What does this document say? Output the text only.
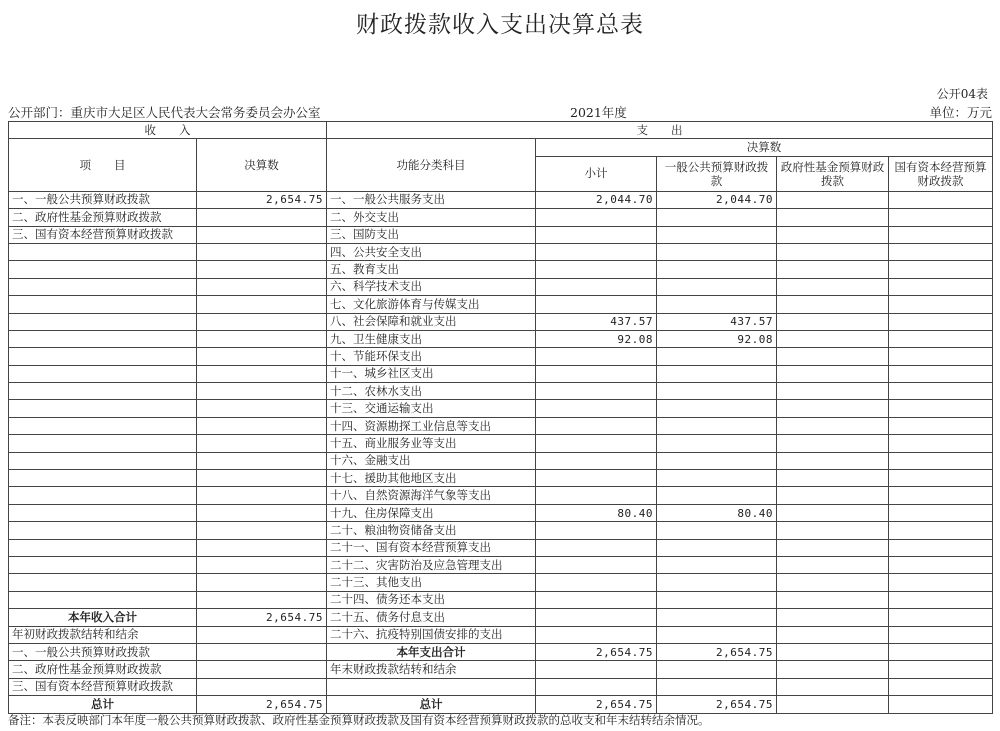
财政拨款收入支出决算总表
公开04表
公开部门：重庆市大足区人民代表大会常务委员会办公室	2021年度	单位：万元
收　　入		支　　出				
项　　目	决算数	功能分类科目	决算数			
			小计	一般公共预算财政拨款	政府性基金预算财政拨款	国有资本经营预算财政拨款

一、一般公共预算财政拨款	2,654.75	一、一般公共服务支出	2,044.70	2,044.70		
二、政府性基金预算财政拨款		二、外交支出				
三、国有资本经营预算财政拨款		三、国防支出				
		四、公共安全支出				
		五、教育支出				
		六、科学技术支出				
		七、文化旅游体育与传媒支出				
		八、社会保障和就业支出	437.57	437.57		
		九、卫生健康支出	92.08	92.08		
		十、节能环保支出				
		十一、城乡社区支出				
		十二、农林水支出				
		十三、交通运输支出				
		十四、资源勘探工业信息等支出				
		十五、商业服务业等支出				
		十六、金融支出				
		十七、援助其他地区支出				
		十八、自然资源海洋气象等支出				
		十九、住房保障支出	80.40	80.40		
		二十、粮油物资储备支出				
		二十一、国有资本经营预算支出				
		二十二、灾害防治及应急管理支出				
		二十三、其他支出				
		二十四、债务还本支出				
本年收入合计	2,654.75	二十五、债务付息支出				
年初财政拨款结转和结余		二十六、抗疫特别国债安排的支出				
一、一般公共预算财政拨款		本年支出合计	2,654.75	2,654.75		
二、政府性基金预算财政拨款		年末财政拨款结转和结余				
三、国有资本经营预算财政拨款						
总计	2,654.75	总计	2,654.75	2,654.75		
备注：本表反映部门本年度一般公共预算财政拨款、政府性基金预算财政拨款及国有资本经营预算财政拨款的总收支和年末结转结余情况。
